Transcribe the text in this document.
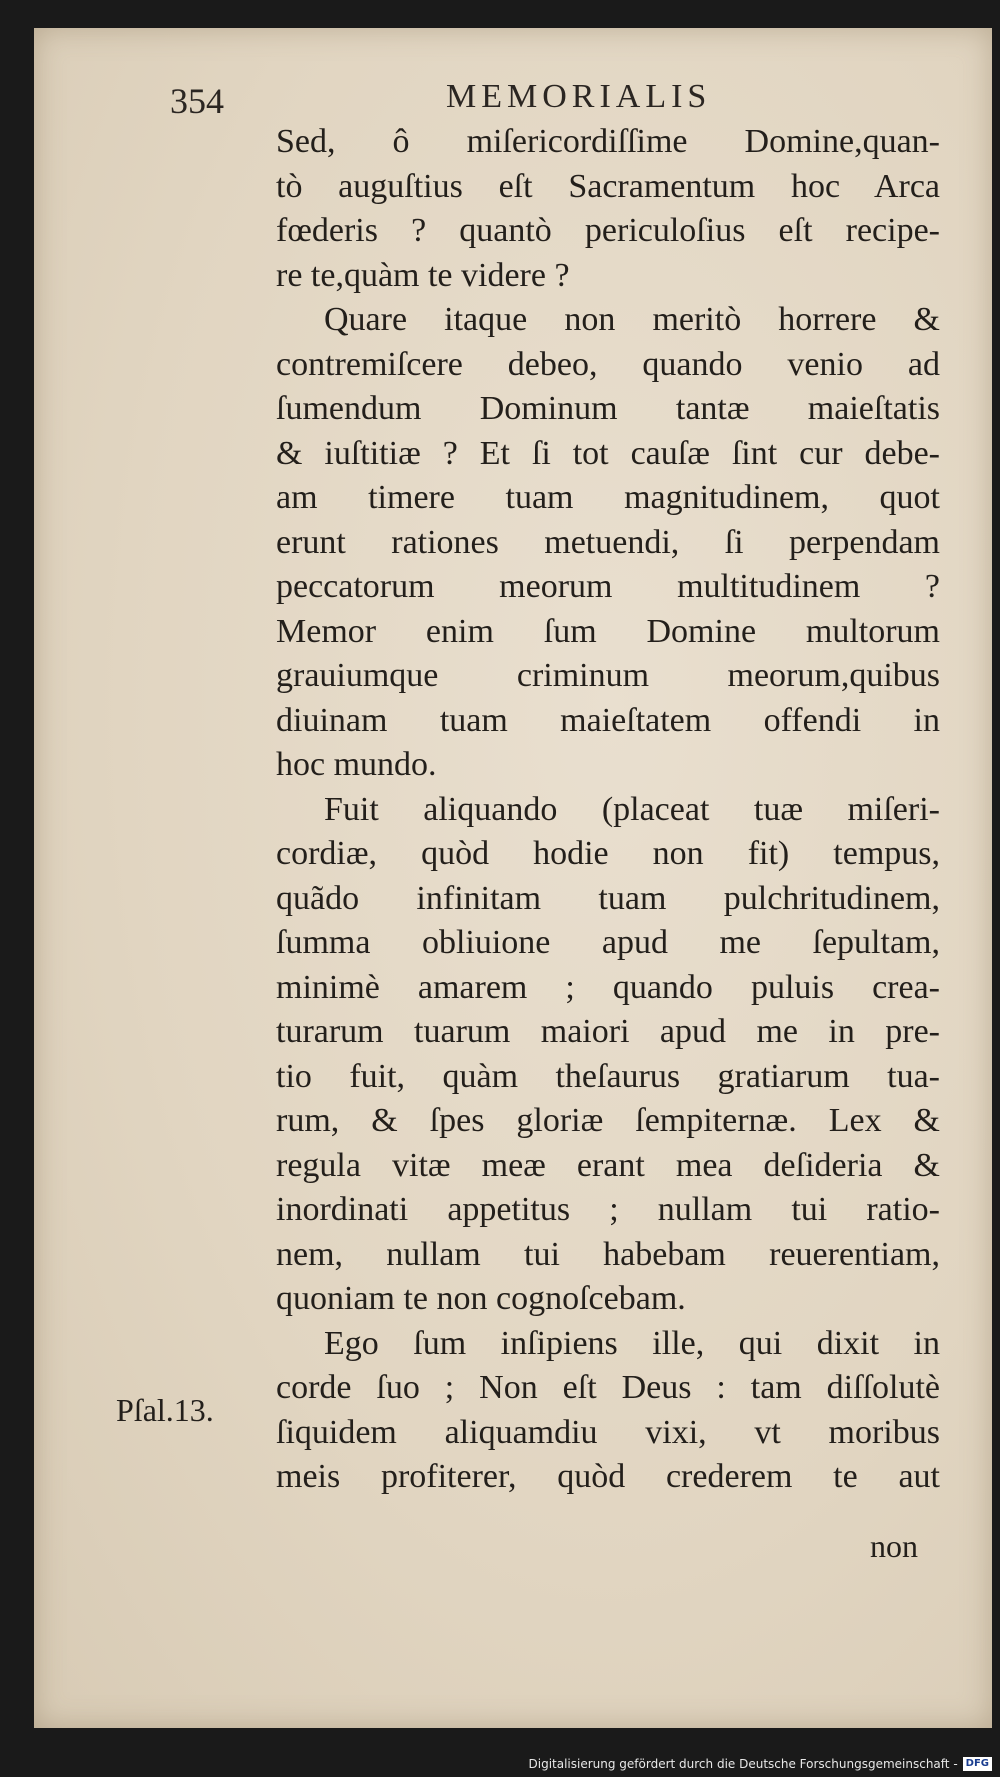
354	MEMORIALIS
Sed, ô miſericordiſſime Domine,quan-
tò auguſtius eſt Sacramentum hoc Arca
fœderis ? quantò periculoſius eſt recipe-
re te,quàm te videre ?
Quare itaque non meritò horrere &
contremiſcere debeo, quando venio ad
ſumendum Dominum tantæ maieſtatis
& iuſtitiæ ? Et ſi tot cauſæ ſint cur debe-
am timere tuam magnitudinem, quot
erunt rationes metuendi, ſi perpendam
peccatorum meorum multitudinem ?
Memor enim ſum Domine multorum
grauiumque criminum meorum,quibus
diuinam tuam maieſtatem offendi in
hoc mundo.
Fuit aliquando (placeat tuæ miſeri-
cordiæ, quòd hodie non fit) tempus,
quãdo infinitam tuam pulchritudinem,
ſumma obliuione apud me ſepultam,
minimè amarem ; quando puluis crea-
turarum tuarum maiori apud me in pre-
tio fuit, quàm theſaurus gratiarum tua-
rum, & ſpes gloriæ ſempiternæ. Lex &
regula vitæ meæ erant mea deſideria &
inordinati appetitus ; nullam tui ratio-
nem, nullam tui habebam reuerentiam,
quoniam te non cognoſcebam.
Ego ſum inſipiens ille, qui dixit in
corde ſuo ; Non eſt Deus : tam diſſolutè
ſiquidem aliquamdiu vixi, vt moribus
meis profiterer, quòd crederem te aut
Pſal.13.
non
Digitalisierung gefördert durch die Deutsche Forschungsgemeinschaft - DFG
